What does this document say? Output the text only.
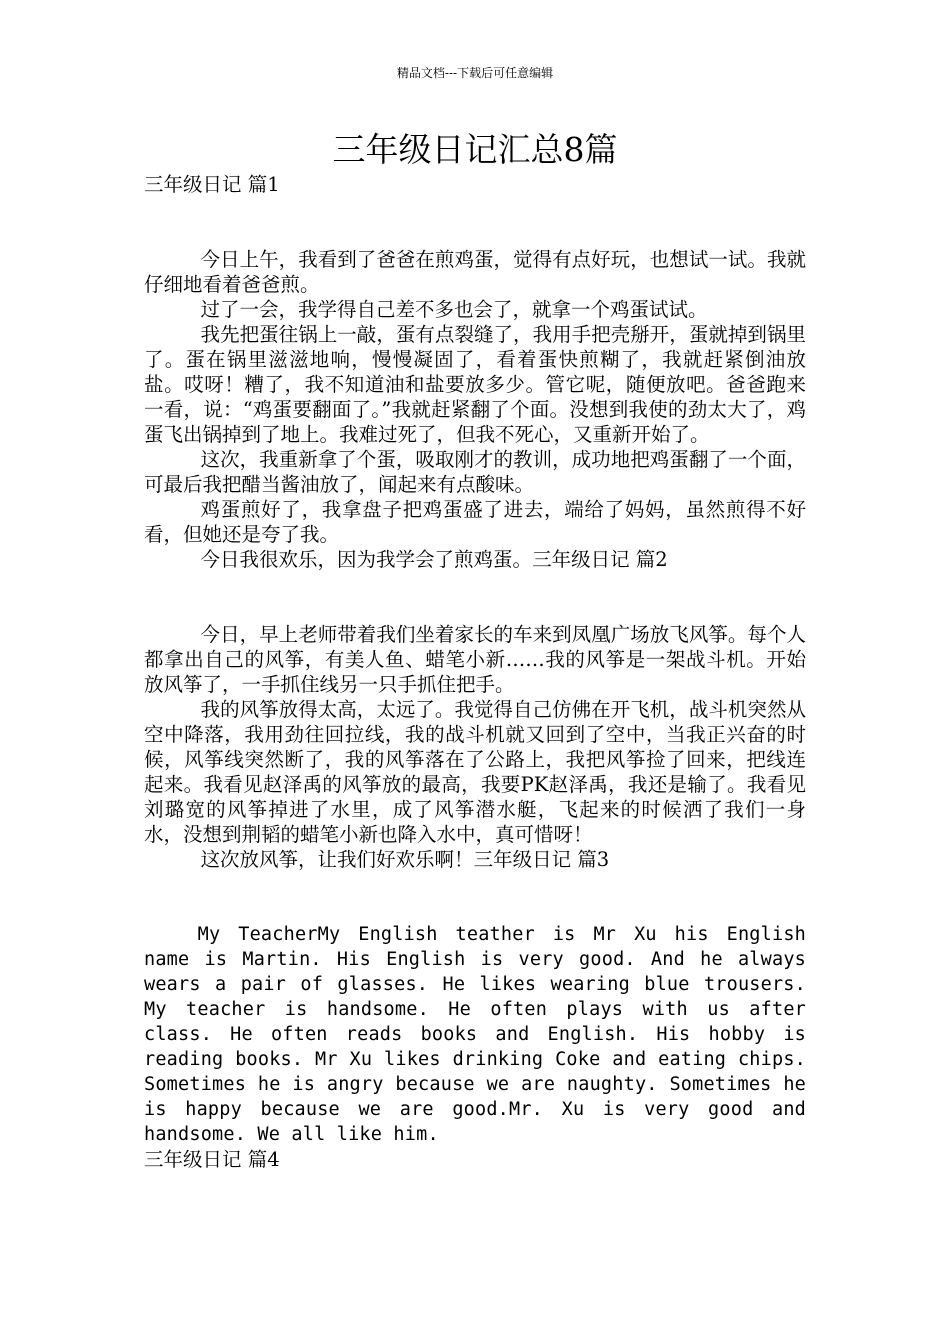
精品文档---下载后可任意编辑
三年级日记汇总8篇

三年级日记 篇1

今日上午，我看到了爸爸在煎鸡蛋，觉得有点好玩，也想试一试。我就仔细地看着爸爸煎。

过了一会，我学得自己差不多也会了，就拿一个鸡蛋试试。

我先把蛋往锅上一敲，蛋有点裂缝了，我用手把壳掰开，蛋就掉到锅里了。蛋在锅里滋滋地响，慢慢凝固了，看着蛋快煎糊了，我就赶紧倒油放盐。哎呀！糟了，我不知道油和盐要放多少。管它呢，随便放吧。爸爸跑来一看，说：“鸡蛋要翻面了。”我就赶紧翻了个面。没想到我使的劲太大了，鸡蛋飞出锅掉到了地上。我难过死了，但我不死心，又重新开始了。

这次，我重新拿了个蛋，吸取刚才的教训，成功地把鸡蛋翻了一个面，可最后我把醋当酱油放了，闻起来有点酸味。

鸡蛋煎好了，我拿盘子把鸡蛋盛了进去，端给了妈妈，虽然煎得不好看，但她还是夸了我。

今日我很欢乐，因为我学会了煎鸡蛋。三年级日记 篇2

今日，早上老师带着我们坐着家长的车来到凤凰广场放飞风筝。每个人都拿出自己的风筝，有美人鱼、蜡笔小新……我的风筝是一架战斗机。开始放风筝了，一手抓住线另一只手抓住把手。

我的风筝放得太高，太远了。我觉得自己仿佛在开飞机，战斗机突然从空中降落，我用劲往回拉线，我的战斗机就又回到了空中，当我正兴奋的时候，风筝线突然断了，我的风筝落在了公路上，我把风筝捡了回来，把线连起来。我看见赵泽禹的风筝放的最高，我要PK赵泽禹，我还是输了。我看见刘璐宽的风筝掉进了水里，成了风筝潜水艇，飞起来的时候洒了我们一身水，没想到荆韬的蜡笔小新也降入水中，真可惜呀！

这次放风筝，让我们好欢乐啊！三年级日记 篇3

My TeacherMy English teather is Mr Xu his English name is Martin. His English is very good. And he always wears a pair of glasses. He likes wearing blue trousers. My teacher is handsome. He often plays with us after class. He often reads books and English. His hobby is reading books. Mr Xu likes drinking Coke and eating chips. Sometimes he is angry because we are naughty. Sometimes he is happy because we are good.Mr. Xu is very good and handsome. We all like him.

三年级日记 篇4
